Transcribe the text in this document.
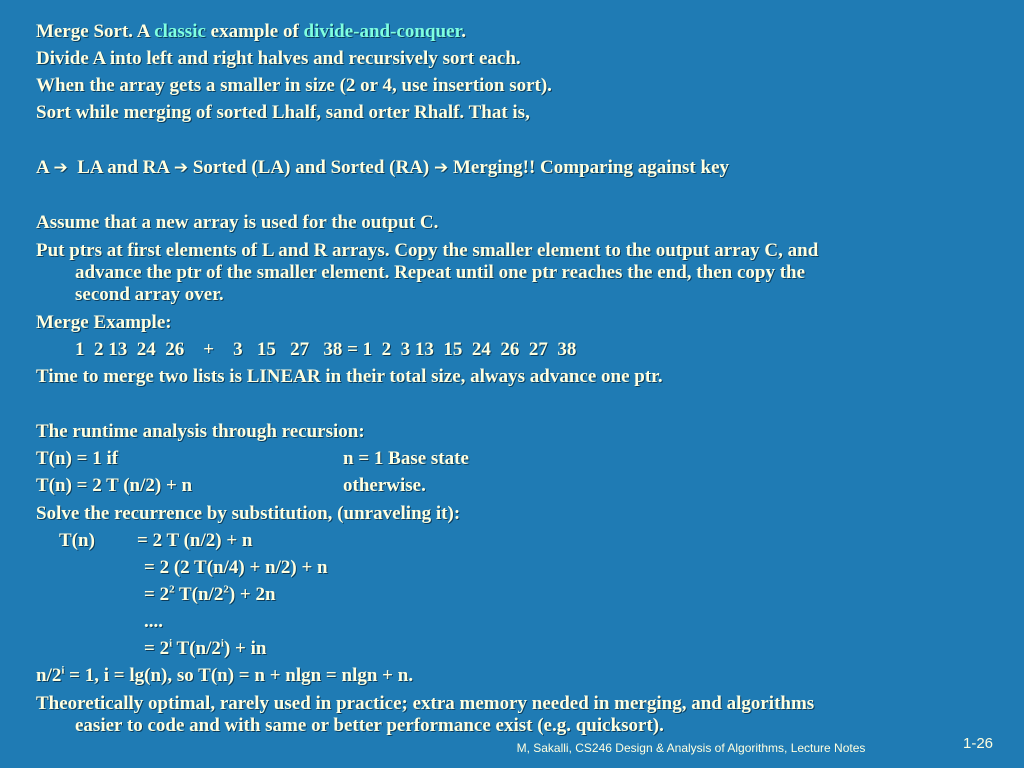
Merge Sort. A classic example of divide-and-conquer.
Divide A into left and right halves and recursively sort each.
When the array gets a smaller in size (2 or 4, use insertion sort).
Sort while merging of sorted Lhalf, sand orter Rhalf. That is,
A ➔  LA and RA ➔ Sorted (LA) and Sorted (RA) ➔ Merging!! Comparing against key
Assume that a new array is used for the output C.
Put ptrs at first elements of L and R arrays. Copy the smaller element to the output array C, and
advance the ptr of the smaller element. Repeat until one ptr reaches the end, then copy the
second array over.
Merge Example:
1  2 13  24  26    +    3   15   27   38 = 1  2  3 13  15  24  26  27  38
Time to merge two lists is LINEAR in their total size, always advance one ptr.
The runtime analysis through recursion:
T(n) = 1 if	n = 1 Base state
T(n) = 2 T (n/2) + n	otherwise.
Solve the recurrence by substitution, (unraveling it):
T(n) = 2 T (n/2) + n
= 2 (2 T(n/4) + n/2) + n
= $2^2$ $T(n/2^2) + 2n$
....
= $2^i$ $T(n/2^i)$ + in
$n/2^i = 1$, i = lg(n), so T(n) = n + nlgn = nlgn + n.
Theoretically optimal, rarely used in practice; extra memory needed in merging, and algorithms
easier to code and with same or better performance exist (e.g. quicksort).
M, Sakalli, CS246 Design & Analysis of Algorithms, Lecture Notes	1-26
